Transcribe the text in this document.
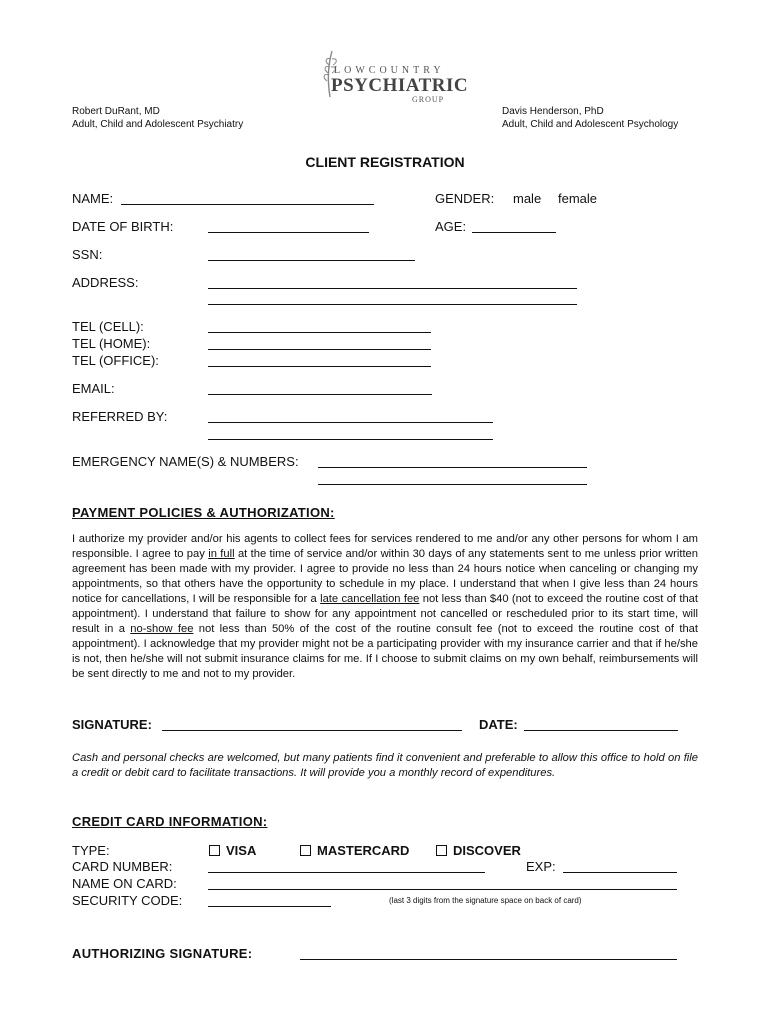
LOWCOUNTRY
PSYCHIATRIC
GROUP
Robert DuRant, MD
Adult, Child and Adolescent Psychiatry
Davis Henderson, PhD
Adult, Child and Adolescent Psychology
CLIENT REGISTRATION
NAME:	GENDER: male female
DATE OF BIRTH:	AGE:
SSN:
ADDRESS:
TEL (CELL):
TEL (HOME):
TEL (OFFICE):
EMAIL:
REFERRED BY:
EMERGENCY NAME(S) & NUMBERS:
PAYMENT POLICIES & AUTHORIZATION:
I authorize my provider and/or his agents to collect fees for services rendered to me and/or any other persons for whom I am responsible. I agree to pay in full at the time of service and/or within 30 days of any statements sent to me unless prior written agreement has been made with my provider. I agree to provide no less than 24 hours notice when canceling or changing my appointments, so that others have the opportunity to schedule in my place. I understand that when I give less than 24 hours notice for cancellations, I will be responsible for a late cancellation fee not less than $40 (not to exceed the routine cost of that appointment). I understand that failure to show for any appointment not cancelled or rescheduled prior to its start time, will result in a no-show fee not less than 50% of the cost of the routine consult fee (not to exceed the routine cost of that appointment). I acknowledge that my provider might not be a participating provider with my insurance carrier and that if he/she is not, then he/she will not submit insurance claims for me. If I choose to submit claims on my own behalf, reimbursements will be sent directly to me and not to my provider.
SIGNATURE:	DATE:
Cash and personal checks are welcomed, but many patients find it convenient and preferable to allow this office to hold on file a credit or debit card to facilitate transactions. It will provide you a monthly record of expenditures.
CREDIT CARD INFORMATION:
TYPE:	VISA	MASTERCARD	DISCOVER
CARD NUMBER:	EXP:
NAME ON CARD:
SECURITY CODE:	(last 3 digits from the signature space on back of card)
AUTHORIZING SIGNATURE:
